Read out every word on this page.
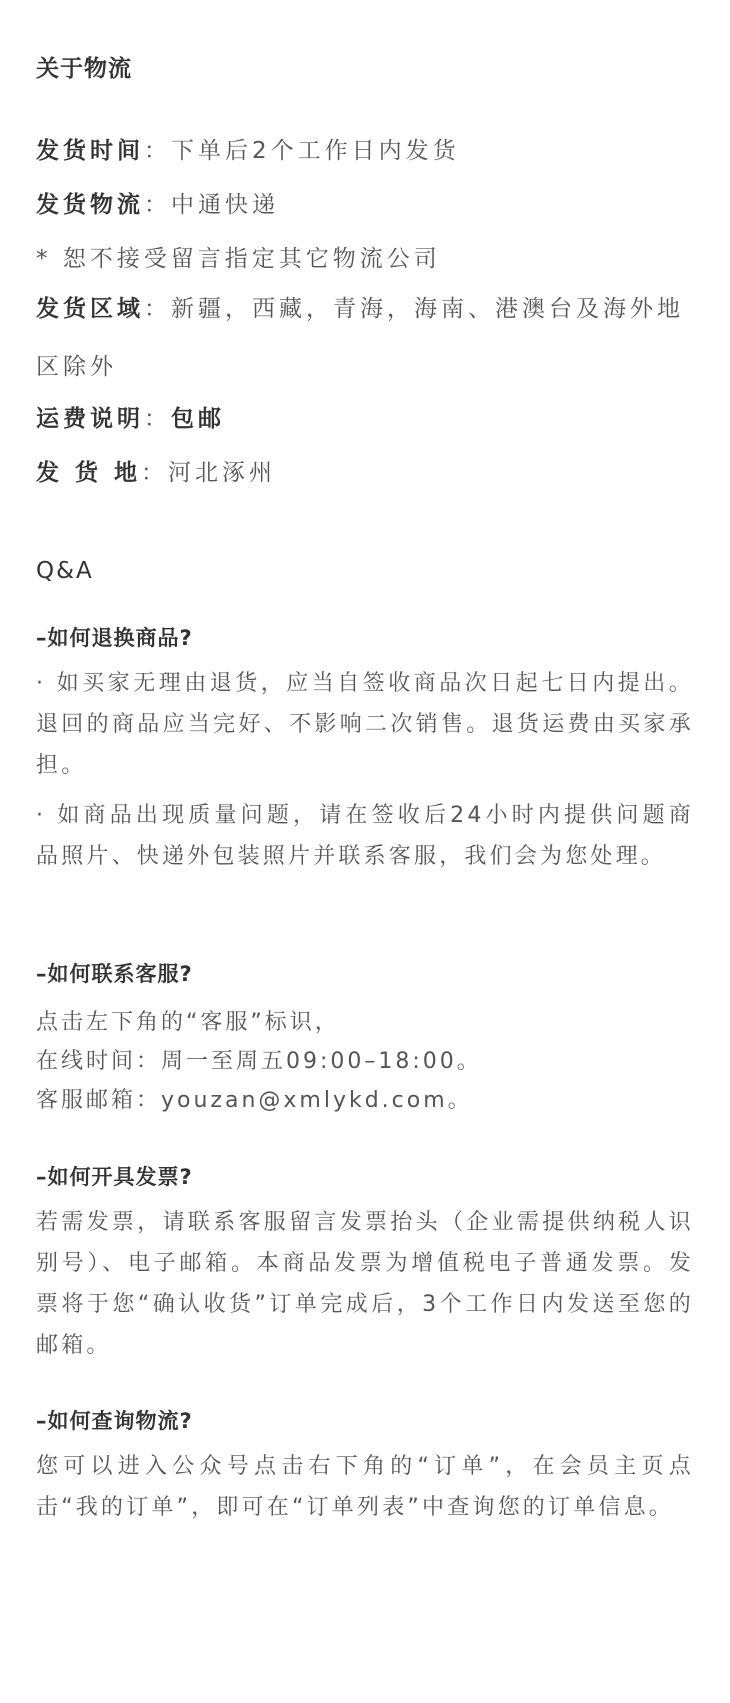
关于物流
发货时间：下单后2个工作日内发货
发货物流：中通快递
* 恕不接受留言指定其它物流公司
发货区域：新疆，西藏，青海，海南、港澳台及海外地区除外
运费说明：包邮
发 货 地：河北涿州
Q&A
–如何退换商品?
· 如买家无理由退货，应当自签收商品次日起七日内提出。退回的商品应当完好、不影响二次销售。退货运费由买家承担。
· 如商品出现质量问题，请在签收后24小时内提供问题商品照片、快递外包装照片并联系客服，我们会为您处理。
–如何联系客服?
点击左下角的“客服”标识，
在线时间：周一至周五09:00–18:00。
客服邮箱：youzan@xmlykd.com。
–如何开具发票?
若需发票，请联系客服留言发票抬头（企业需提供纳税人识别号）、电子邮箱。本商品发票为增值税电子普通发票。发票将于您“确认收货”订单完成后，3个工作日内发送至您的邮箱。
–如何查询物流?
您可以进入公众号点击右下角的“订单”，在会员主页点击“我的订单”，即可在“订单列表”中查询您的订单信息。
